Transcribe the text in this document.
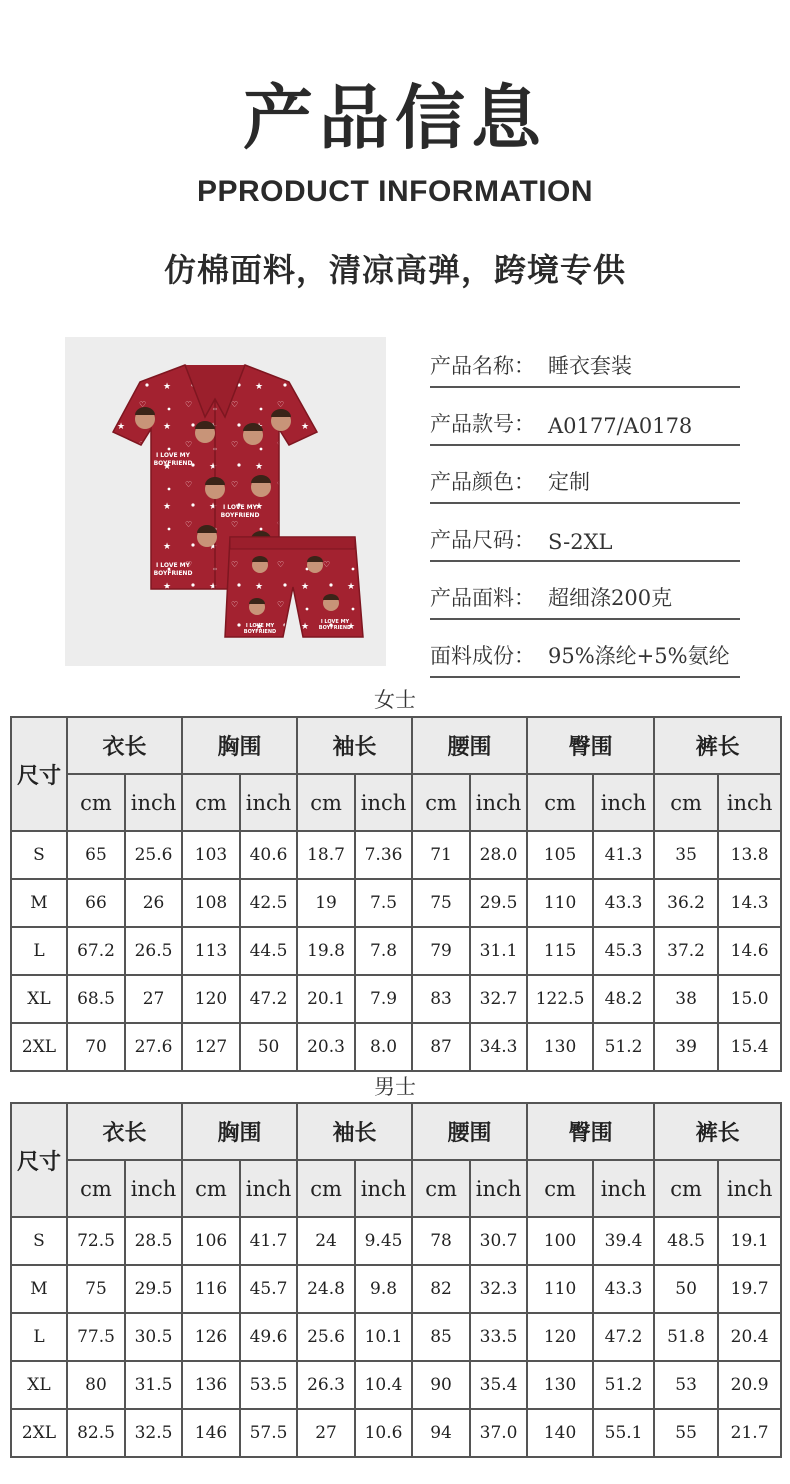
产品信息
PPRODUCT INFORMATION
仿棉面料，清凉高弹，跨境专供
I LOVE MY
BOYFRIEND
I LOVE MY
BOYFRIEND
I LOVE MY
BOYFRIEND
I LOVE MY
BOYFRIEND
I LOVE MY
BOYFRIEND
产品名称： 睡衣套装
产品款号： A0177/A0178
产品颜色： 定制
产品尺码： S-2XL
产品面料： 超细涤200克
面料成份： 95%涤纶+5%氨纶
女士
尺寸	衣长		胸围		袖长		腰围		臀围		裤长	
	cm	inch	cm	inch	cm	inch	cm	inch	cm	inch	cm	inch
S	65	25.6	103	40.6	18.7	7.36	71	28.0	105	41.3	35	13.8
M	66	26	108	42.5	19	7.5	75	29.5	110	43.3	36.2	14.3
L	67.2	26.5	113	44.5	19.8	7.8	79	31.1	115	45.3	37.2	14.6
XL	68.5	27	120	47.2	20.1	7.9	83	32.7	122.5	48.2	38	15.0
2XL	70	27.6	127	50	20.3	8.0	87	34.3	130	51.2	39	15.4
男士
尺寸	衣长		胸围		袖长		腰围		臀围		裤长	
	cm	inch	cm	inch	cm	inch	cm	inch	cm	inch	cm	inch
S	72.5	28.5	106	41.7	24	9.45	78	30.7	100	39.4	48.5	19.1
M	75	29.5	116	45.7	24.8	9.8	82	32.3	110	43.3	50	19.7
L	77.5	30.5	126	49.6	25.6	10.1	85	33.5	120	47.2	51.8	20.4
XL	80	31.5	136	53.5	26.3	10.4	90	35.4	130	51.2	53	20.9
2XL	82.5	32.5	146	57.5	27	10.6	94	37.0	140	55.1	55	21.7
